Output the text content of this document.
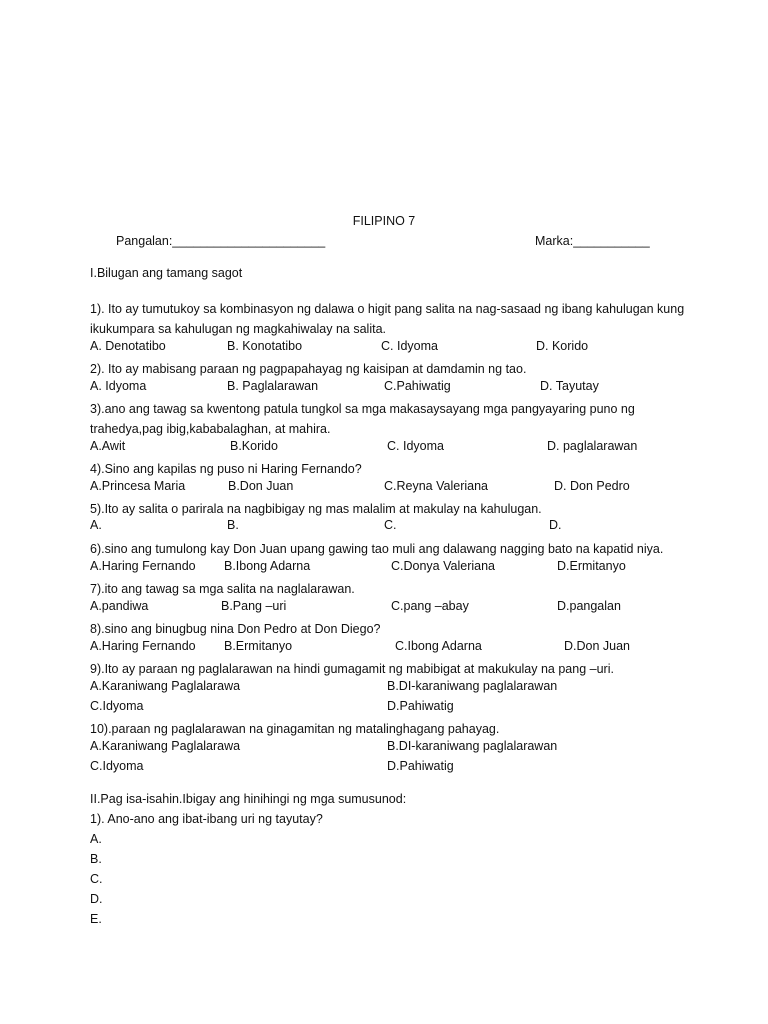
FILIPINO 7
Pangalan:______________________	Marka:___________
I.Bilugan ang tamang sagot
1). Ito ay tumutukoy sa kombinasyon ng dalawa o higit pang salita na nag-sasaad ng ibang kahulugan kung ikukumpara sa kahulugan ng magkahiwalay na salita.
A. Denotatibo	B. Konotatibo	C. Idyoma	D. Korido
2). Ito ay mabisang paraan ng pagpapahayag ng kaisipan at damdamin ng tao.
A. Idyoma	B. Paglalarawan	C.Pahiwatig	D. Tayutay
3).ano ang tawag sa kwentong patula tungkol sa mga makasaysayang mga pangyayaring puno ng trahedya,pag ibig,kababalaghan, at mahira.
A.Awit	B.Korido	C. Idyoma	D. paglalarawan
4).Sino ang kapilas ng puso ni Haring Fernando?
A.Princesa Maria	B.Don Juan	C.Reyna Valeriana	D. Don Pedro
5).Ito ay salita o parirala na nagbibigay ng mas malalim at makulay na kahulugan.
A.	B.	C.	D.
6).sino ang tumulong kay Don Juan upang gawing tao muli ang dalawang nagging bato na kapatid niya.
A.Haring Fernando B.Ibong Adarna	C.Donya Valeriana	D.Ermitanyo
7).ito ang tawag sa mga salita na naglalarawan.
A.pandiwa	B.Pang –uri	C.pang –abay	D.pangalan
8).sino ang binugbug nina Don Pedro at Don Diego?
A.Haring Fernando B.Ermitanyo	C.Ibong Adarna	D.Don Juan
9).Ito ay paraan ng paglalarawan na hindi gumagamit ng mabibigat at makukulay na pang –uri.
A.Karaniwang Paglalarawa	B.DI-karaniwang paglalarawan
C.Idyoma	D.Pahiwatig
10).paraan ng paglalarawan na ginagamitan ng matalinghagang pahayag.
A.Karaniwang Paglalarawa	B.DI-karaniwang paglalarawan
C.Idyoma	D.Pahiwatig
II.Pag isa-isahin.Ibigay ang hinihingi ng mga sumusunod:
1). Ano-ano ang ibat-ibang uri ng tayutay?
A.
B.
C.
D.
E.
